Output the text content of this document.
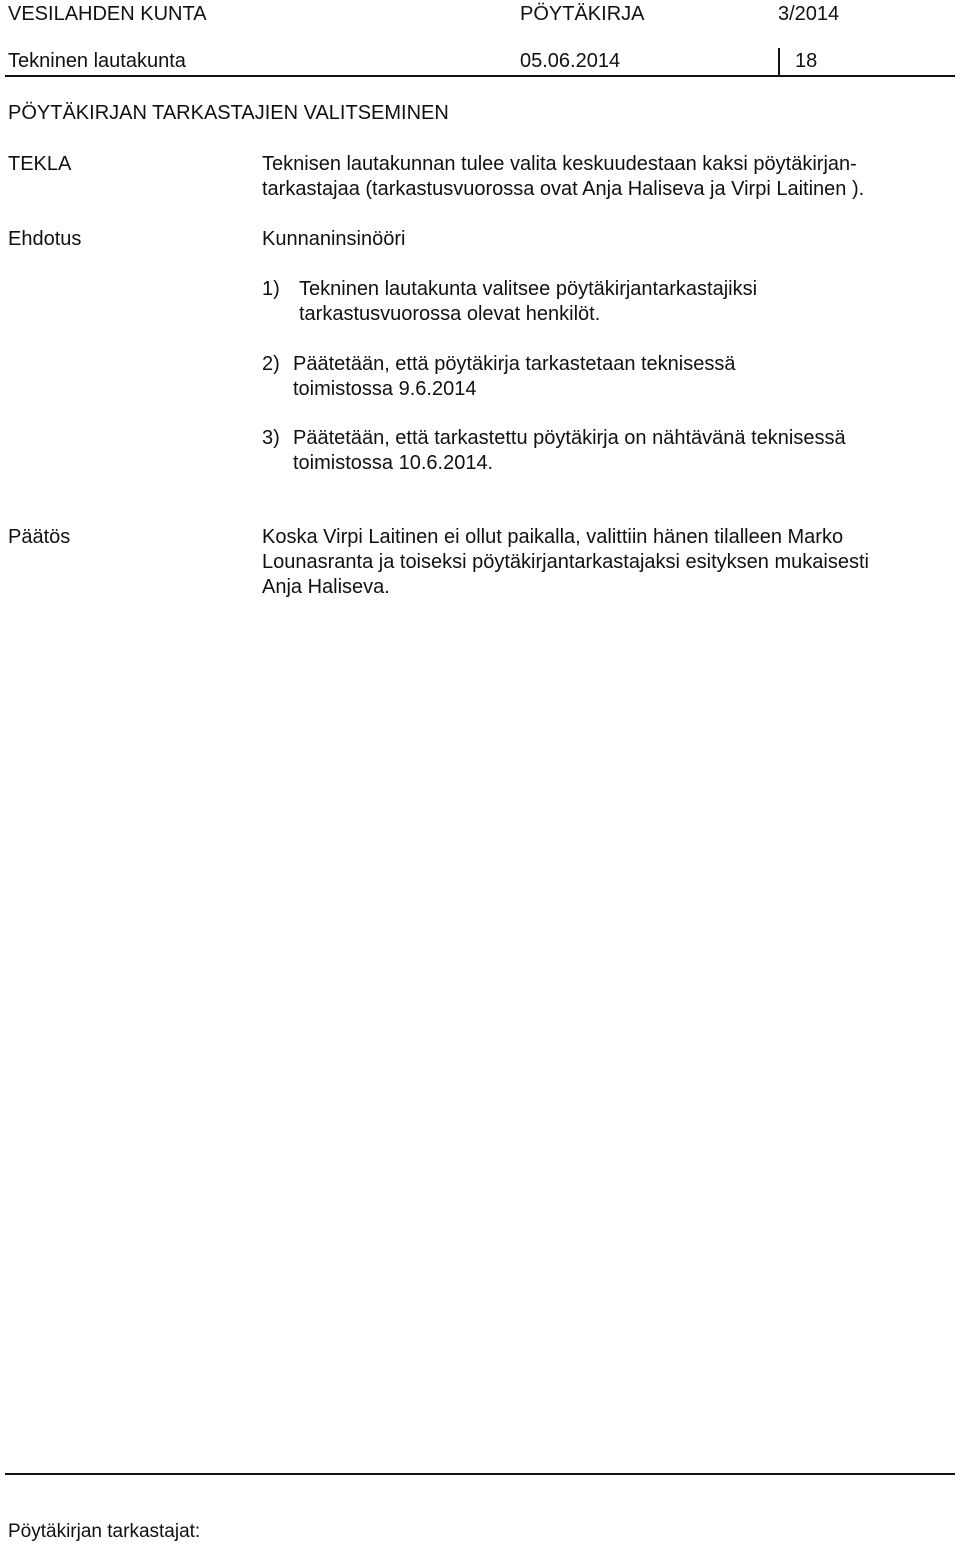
VESILAHDEN KUNTA	PÖYTÄKIRJA	3/2014
Tekninen lautakunta	05.06.2014	18
PÖYTÄKIRJAN TARKASTAJIEN VALITSEMINEN
TEKLA	Teknisen lautakunnan tulee valita keskuudestaan kaksi pöytäkirjan-
tarkastajaa (tarkastusvuorossa ovat Anja Haliseva ja Virpi Laitinen ).
Ehdotus	Kunnaninsinööri
1) Tekninen lautakunta valitsee pöytäkirjantarkastajiksi
tarkastusvuorossa olevat henkilöt.
2) Päätetään, että pöytäkirja tarkastetaan teknisessä
toimistossa 9.6.2014
3) Päätetään, että tarkastettu pöytäkirja on nähtävänä teknisessä
toimistossa 10.6.2014.
Päätös	Koska Virpi Laitinen ei ollut paikalla, valittiin hänen tilalleen Marko
Lounasranta ja toiseksi pöytäkirjantarkastajaksi esityksen mukaisesti
Anja Haliseva.
Pöytäkirjan tarkastajat:
